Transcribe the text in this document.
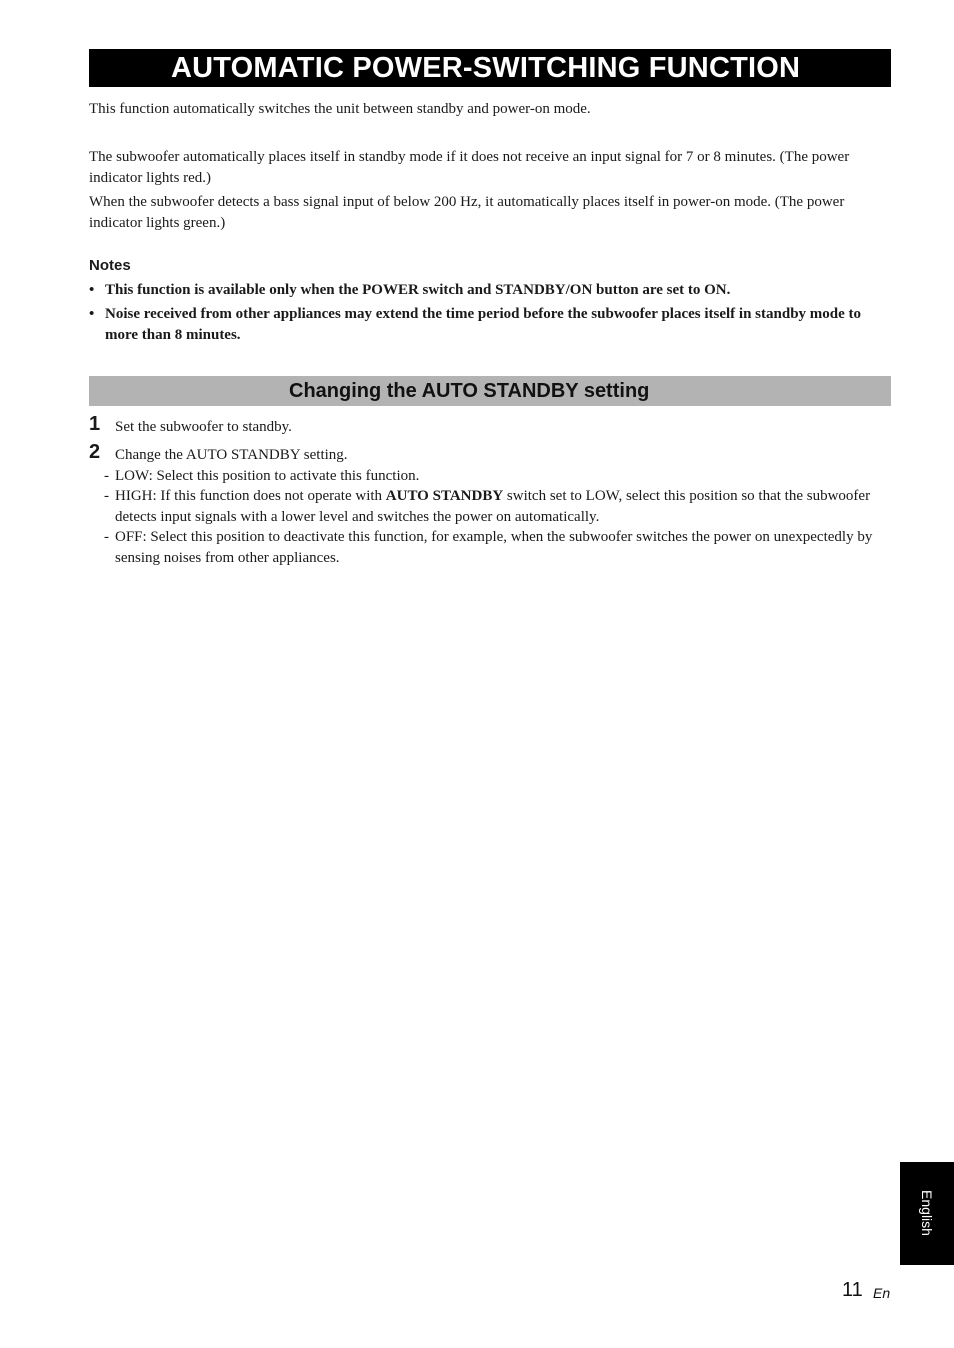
AUTOMATIC POWER-SWITCHING FUNCTION

This function automatically switches the unit between standby and power-on mode.

The subwoofer automatically places itself in standby mode if it does not receive an input signal for 7 or 8 minutes. (The power indicator lights red.)

When the subwoofer detects a bass signal input of below 200 Hz, it automatically places itself in power-on mode. (The power indicator lights green.)

Notes
• This function is available only when the POWER switch and STANDBY/ON button are set to ON.
• Noise received from other appliances may extend the time period before the subwoofer places itself in standby mode to more than 8 minutes.
Changing the AUTO STANDBY setting
1 Set the subwoofer to standby.
2 Change the AUTO STANDBY setting.
- LOW: Select this position to activate this function.
- HIGH: If this function does not operate with AUTO STANDBY switch set to LOW, select this position so that the subwoofer detects input signals with a lower level and switches the power on automatically.
- OFF: Select this position to deactivate this function, for example, when the subwoofer switches the power on unexpectedly by sensing noises from other appliances.
English
11 En
